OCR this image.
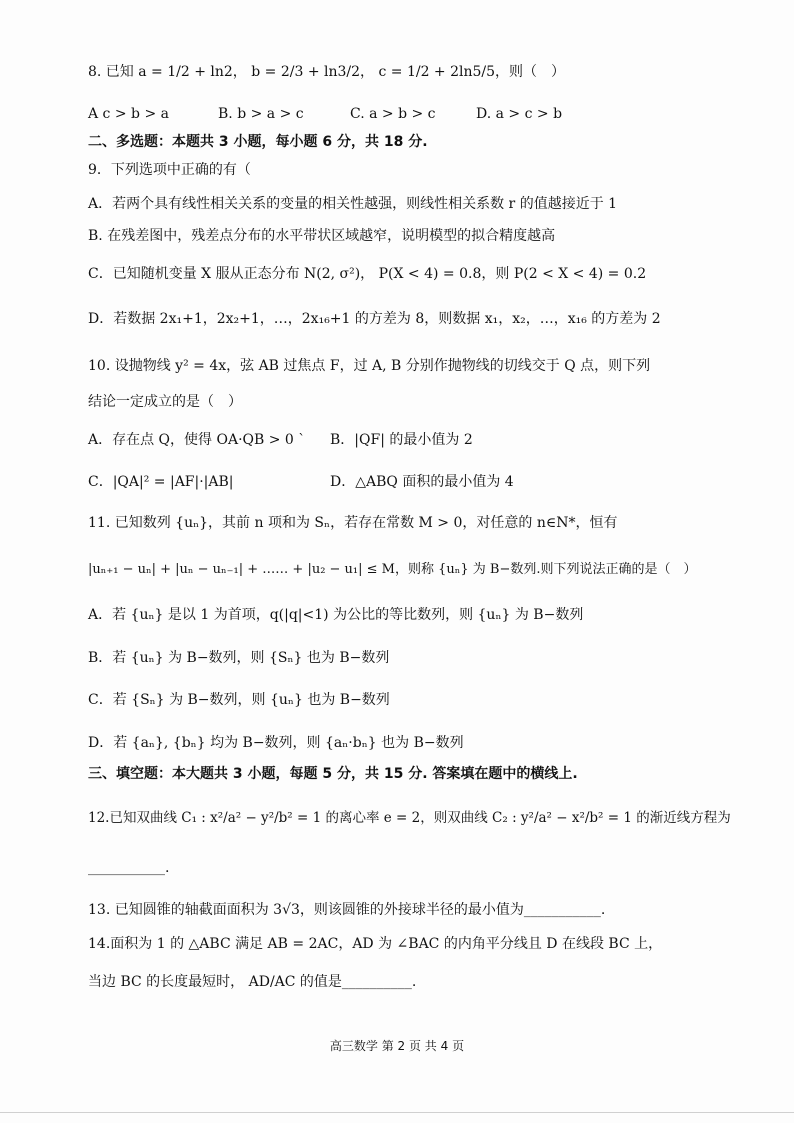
8. 已知 a = 1/2 + ln2， b = 2/3 + ln3/2， c = 1/2 + 2ln5/5，则（　）
A c > b > a	B. b > a > c	C. a > b > c	D. a > c > b
二、多选题：本题共 3 小题，每小题 6 分，共 18 分.
9．下列选项中正确的有（
A．若两个具有线性相关关系的变量的相关性越强，则线性相关系数 r 的值越接近于 1
B. 在残差图中，残差点分布的水平带状区域越窄，说明模型的拟合精度越高
C．已知随机变量 X 服从正态分布 N(2, σ²)， P(X < 4) = 0.8，则 P(2 < X < 4) = 0.2
D．若数据 2x₁+1，2x₂+1，…，2x₁₆+1 的方差为 8，则数据 x₁，x₂，…，x₁₆ 的方差为 2
10. 设抛物线 y² = 4x，弦 AB 过焦点 F，过 A, B 分别作抛物线的切线交于 Q 点，则下列
结论一定成立的是（　）
A．存在点 Q，使得 OA·QB > 0 ` B．|QF| 的最小值为 2
C．|QA|² = |AF|·|AB|	D．△ABQ 面积的最小值为 4
11. 已知数列 {uₙ}，其前 n 项和为 Sₙ，若存在常数 M > 0，对任意的 n∈N*，恒有
|uₙ₊₁ − uₙ| + |uₙ − uₙ₋₁| + …… + |u₂ − u₁| ≤ M，则称 {uₙ} 为 B−数列.则下列说法正确的是（　）
A．若 {uₙ} 是以 1 为首项，q(|q|<1) 为公比的等比数列，则 {uₙ} 为 B−数列
B．若 {uₙ} 为 B−数列，则 {Sₙ} 也为 B−数列
C．若 {Sₙ} 为 B−数列，则 {uₙ} 也为 B−数列
D．若 {aₙ}, {bₙ} 均为 B−数列，则 {aₙ·bₙ} 也为 B−数列
三、填空题：本大题共 3 小题，每题 5 分，共 15 分. 答案填在题中的横线上.
12.已知双曲线 C₁ : x²/a² − y²/b² = 1 的离心率 e = 2，则双曲线 C₂ : y²/a² − x²/b² = 1 的渐近线方程为
___________.
13. 已知圆锥的轴截面面积为 3√3，则该圆锥的外接球半径的最小值为___________.
14.面积为 1 的 △ABC 满足 AB = 2AC，AD 为 ∠BAC 的内角平分线且 D 在线段 BC 上，
当边 BC 的长度最短时， AD/AC 的值是__________.
高三数学 第 2 页 共 4 页
